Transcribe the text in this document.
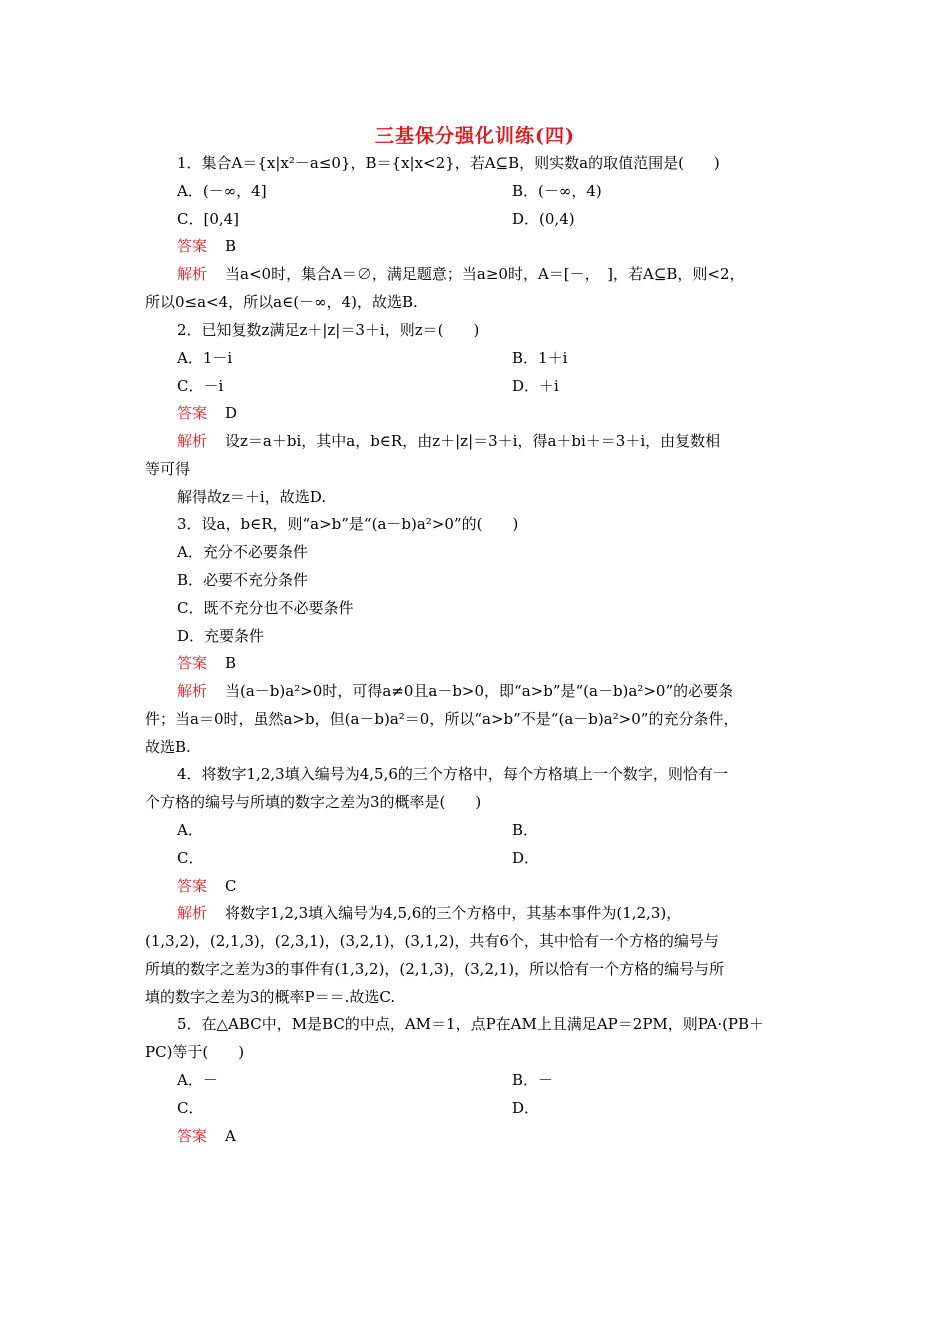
三基保分强化训练(四)
1．集合A＝{x|x²－a≤0}，B＝{x|x<2}，若A⊆B，则实数a的取值范围是(　　)
A．(－∞，4]	B．(－∞，4)
C．[0,4]	D．(0,4)
答案 B
解析 当a<0时，集合A＝∅，满足题意；当a≥0时，A＝[－，　]，若A⊆B，则<2，
所以0≤a<4，所以a∈(－∞，4)，故选B.
2．已知复数z满足z＋|z|＝3＋i，则z＝(　　)
A．1－i	B．1＋i
C．－i	D．＋i
答案 D
解析 设z＝a＋bi，其中a，b∈R，由z＋|z|＝3＋i，得a＋bi＋＝3＋i，由复数相
等可得
解得故z＝＋i，故选D.
3．设a，b∈R，则“a>b”是“(a－b)a²>0”的(　　)
A．充分不必要条件
B．必要不充分条件
C．既不充分也不必要条件
D．充要条件
答案 B
解析 当(a－b)a²>0时，可得a≠0且a－b>0，即“a>b”是“(a－b)a²>0”的必要条
件；当a＝0时，虽然a>b，但(a－b)a²＝0，所以“a>b”不是“(a－b)a²>0”的充分条件，
故选B.
4．将数字1,2,3填入编号为4,5,6的三个方格中，每个方格填上一个数字，则恰有一
个方格的编号与所填的数字之差为3的概率是(　　)
A．	B．
C．	D．
答案 C
解析 将数字1,2,3填入编号为4,5,6的三个方格中，其基本事件为(1,2,3)，
(1,3,2)，(2,1,3)，(2,3,1)，(3,2,1)，(3,1,2)，共有6个，其中恰有一个方格的编号与
所填的数字之差为3的事件有(1,3,2)，(2,1,3)，(3,2,1)，所以恰有一个方格的编号与所
填的数字之差为3的概率P＝＝.故选C.
5．在△ABC中，M是BC的中点，AM＝1，点P在AM上且满足AP＝2PM，则PA·(PB＋
PC)等于(　　)
A．－	B．－
C．	D．
答案 A
